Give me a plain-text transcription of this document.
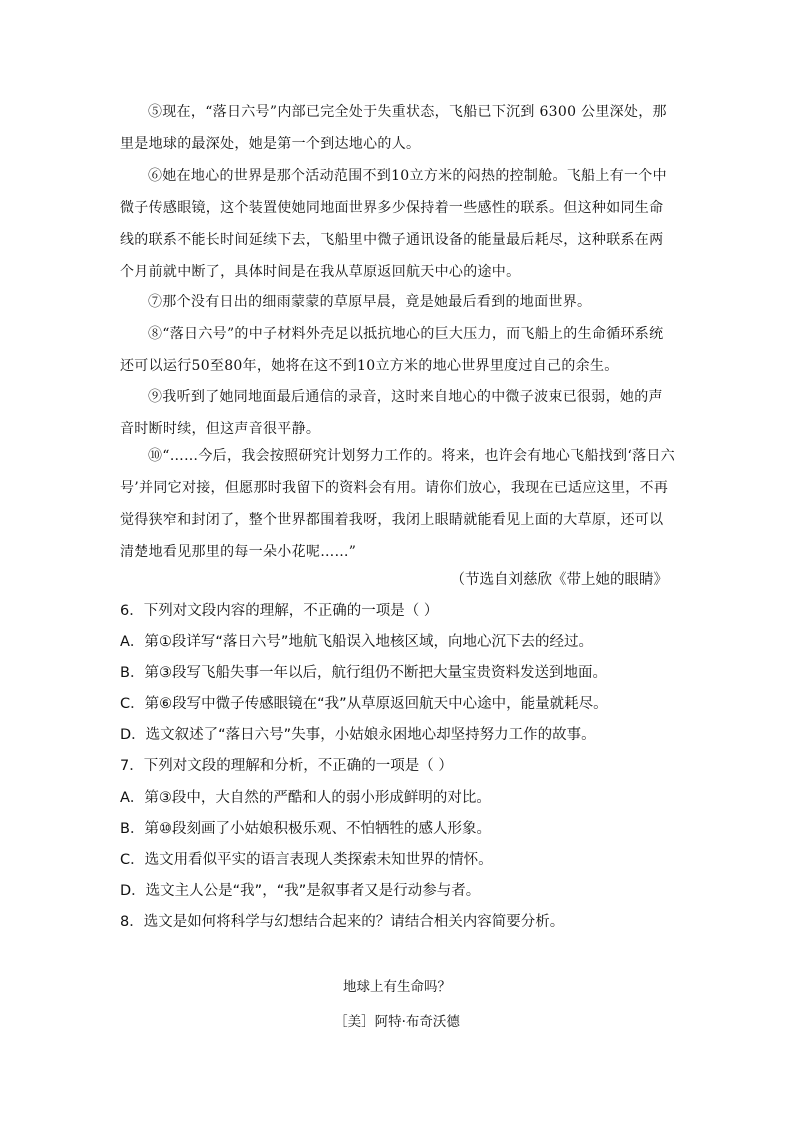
⑤现在，“落日六号”内部已完全处于失重状态，飞船已下沉到 6300 公里深处，那里是地球的最深处，她是第一个到达地心的人。

⑥她在地心的世界是那个活动范围不到10立方米的闷热的控制舱。飞船上有一个中微子传感眼镜，这个装置使她同地面世界多少保持着一些感性的联系。但这种如同生命线的联系不能长时间延续下去，飞船里中微子通讯设备的能量最后耗尽，这种联系在两个月前就中断了，具体时间是在我从草原返回航天中心的途中。

⑦那个没有日出的细雨蒙蒙的草原早晨，竟是她最后看到的地面世界。

⑧“落日六号”的中子材料外壳足以抵抗地心的巨大压力，而飞船上的生命循环系统还可以运行50至80年，她将在这不到10立方米的地心世界里度过自己的余生。

⑨我听到了她同地面最后通信的录音，这时来自地心的中微子波束已很弱，她的声音时断时续，但这声音很平静。

⑩“……今后，我会按照研究计划努力工作的。将来，也许会有地心飞船找到‘落日六号’并同它对接，但愿那时我留下的资料会有用。请你们放心，我现在已适应这里，不再觉得狭窄和封闭了，整个世界都围着我呀，我闭上眼睛就能看见上面的大草原，还可以清楚地看见那里的每一朵小花呢……”

（节选自刘慈欣《带上她的眼睛》

6．下列对文段内容的理解，不正确的一项是（ ）

A．第①段详写“落日六号”地航飞船误入地核区域，向地心沉下去的经过。

B．第③段写飞船失事一年以后，航行组仍不断把大量宝贵资料发送到地面。

C．第⑥段写中微子传感眼镜在“我”从草原返回航天中心途中，能量就耗尽。

D．选文叙述了“落日六号”失事，小姑娘永困地心却坚持努力工作的故事。

7．下列对文段的理解和分析，不正确的一项是（ ）

A．第③段中，大自然的严酷和人的弱小形成鲜明的对比。

B．第⑩段刻画了小姑娘积极乐观、不怕牺牲的感人形象。

C．选文用看似平实的语言表现人类探索未知世界的情怀。

D．选文主人公是“我”，“我”是叙事者又是行动参与者。

8．选文是如何将科学与幻想结合起来的？请结合相关内容简要分析。

地球上有生命吗？

［美］阿特·布奇沃德
